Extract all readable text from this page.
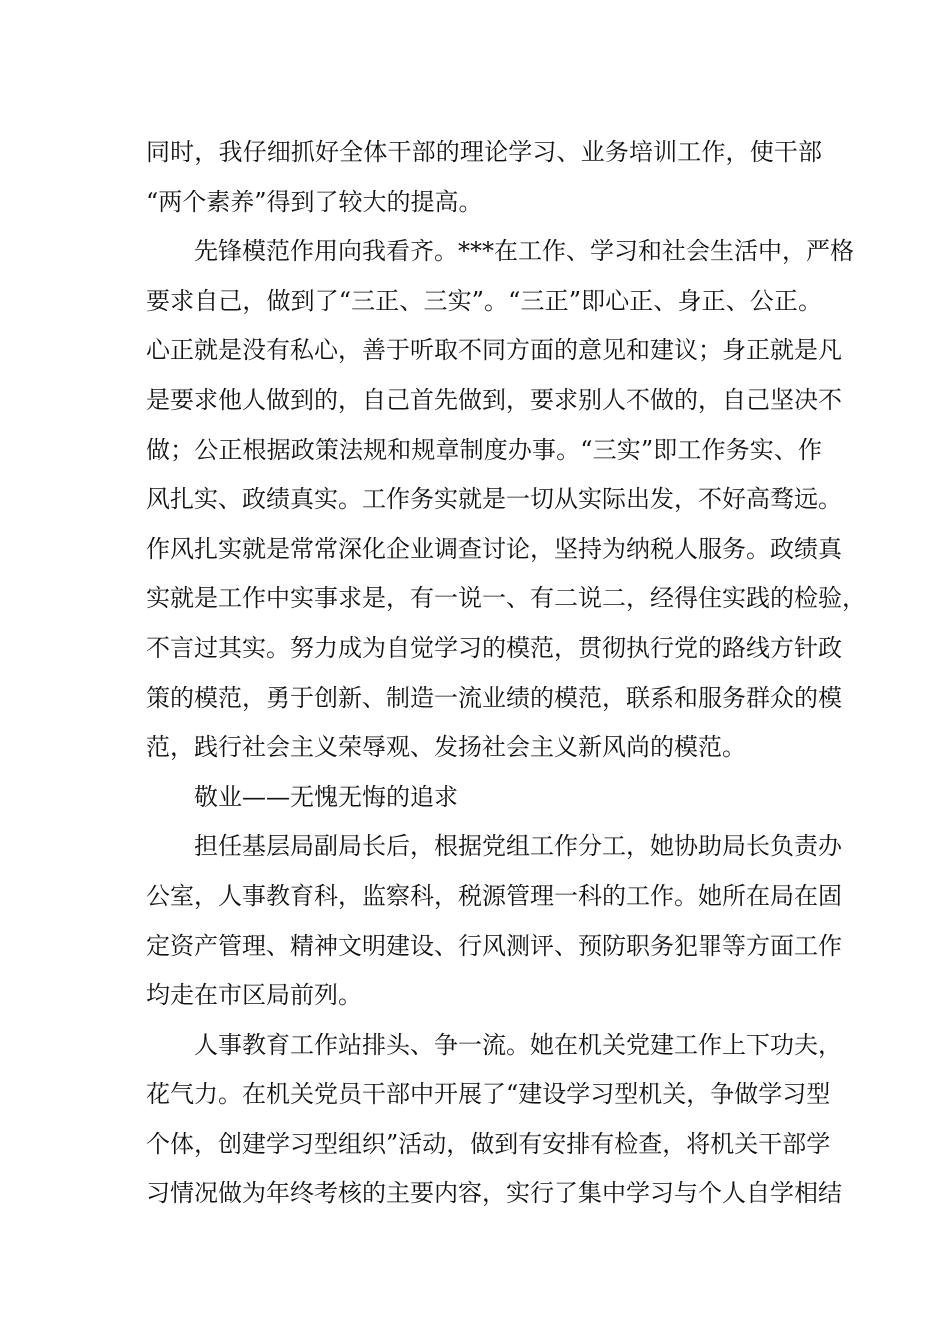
同时，我仔细抓好全体干部的理论学习、业务培训工作，使干部
“两个素养”得到了较大的提高。
先锋模范作用向我看齐。***在工作、学习和社会生活中，严格
要求自己，做到了“三正、三实”。“三正”即心正、身正、公正。
心正就是没有私心，善于听取不同方面的意见和建议；身正就是凡
是要求他人做到的，自己首先做到，要求别人不做的，自己坚决不
做；公正根据政策法规和规章制度办事。“三实”即工作务实、作
风扎实、政绩真实。工作务实就是一切从实际出发，不好高骛远。
作风扎实就是常常深化企业调查讨论，坚持为纳税人服务。政绩真
实就是工作中实事求是，有一说一、有二说二，经得住实践的检验，
不言过其实。努力成为自觉学习的模范，贯彻执行党的路线方针政
策的模范，勇于创新、制造一流业绩的模范，联系和服务群众的模
范，践行社会主义荣辱观、发扬社会主义新风尚的模范。
敬业——无愧无悔的追求
担任基层局副局长后，根据党组工作分工，她协助局长负责办
公室，人事教育科，监察科，税源管理一科的工作。她所在局在固
定资产管理、精神文明建设、行风测评、预防职务犯罪等方面工作
均走在市区局前列。
人事教育工作站排头、争一流。她在机关党建工作上下功夫，
花气力。在机关党员干部中开展了“建设学习型机关，争做学习型
个体，创建学习型组织”活动，做到有安排有检查，将机关干部学
习情况做为年终考核的主要内容，实行了集中学习与个人自学相结
